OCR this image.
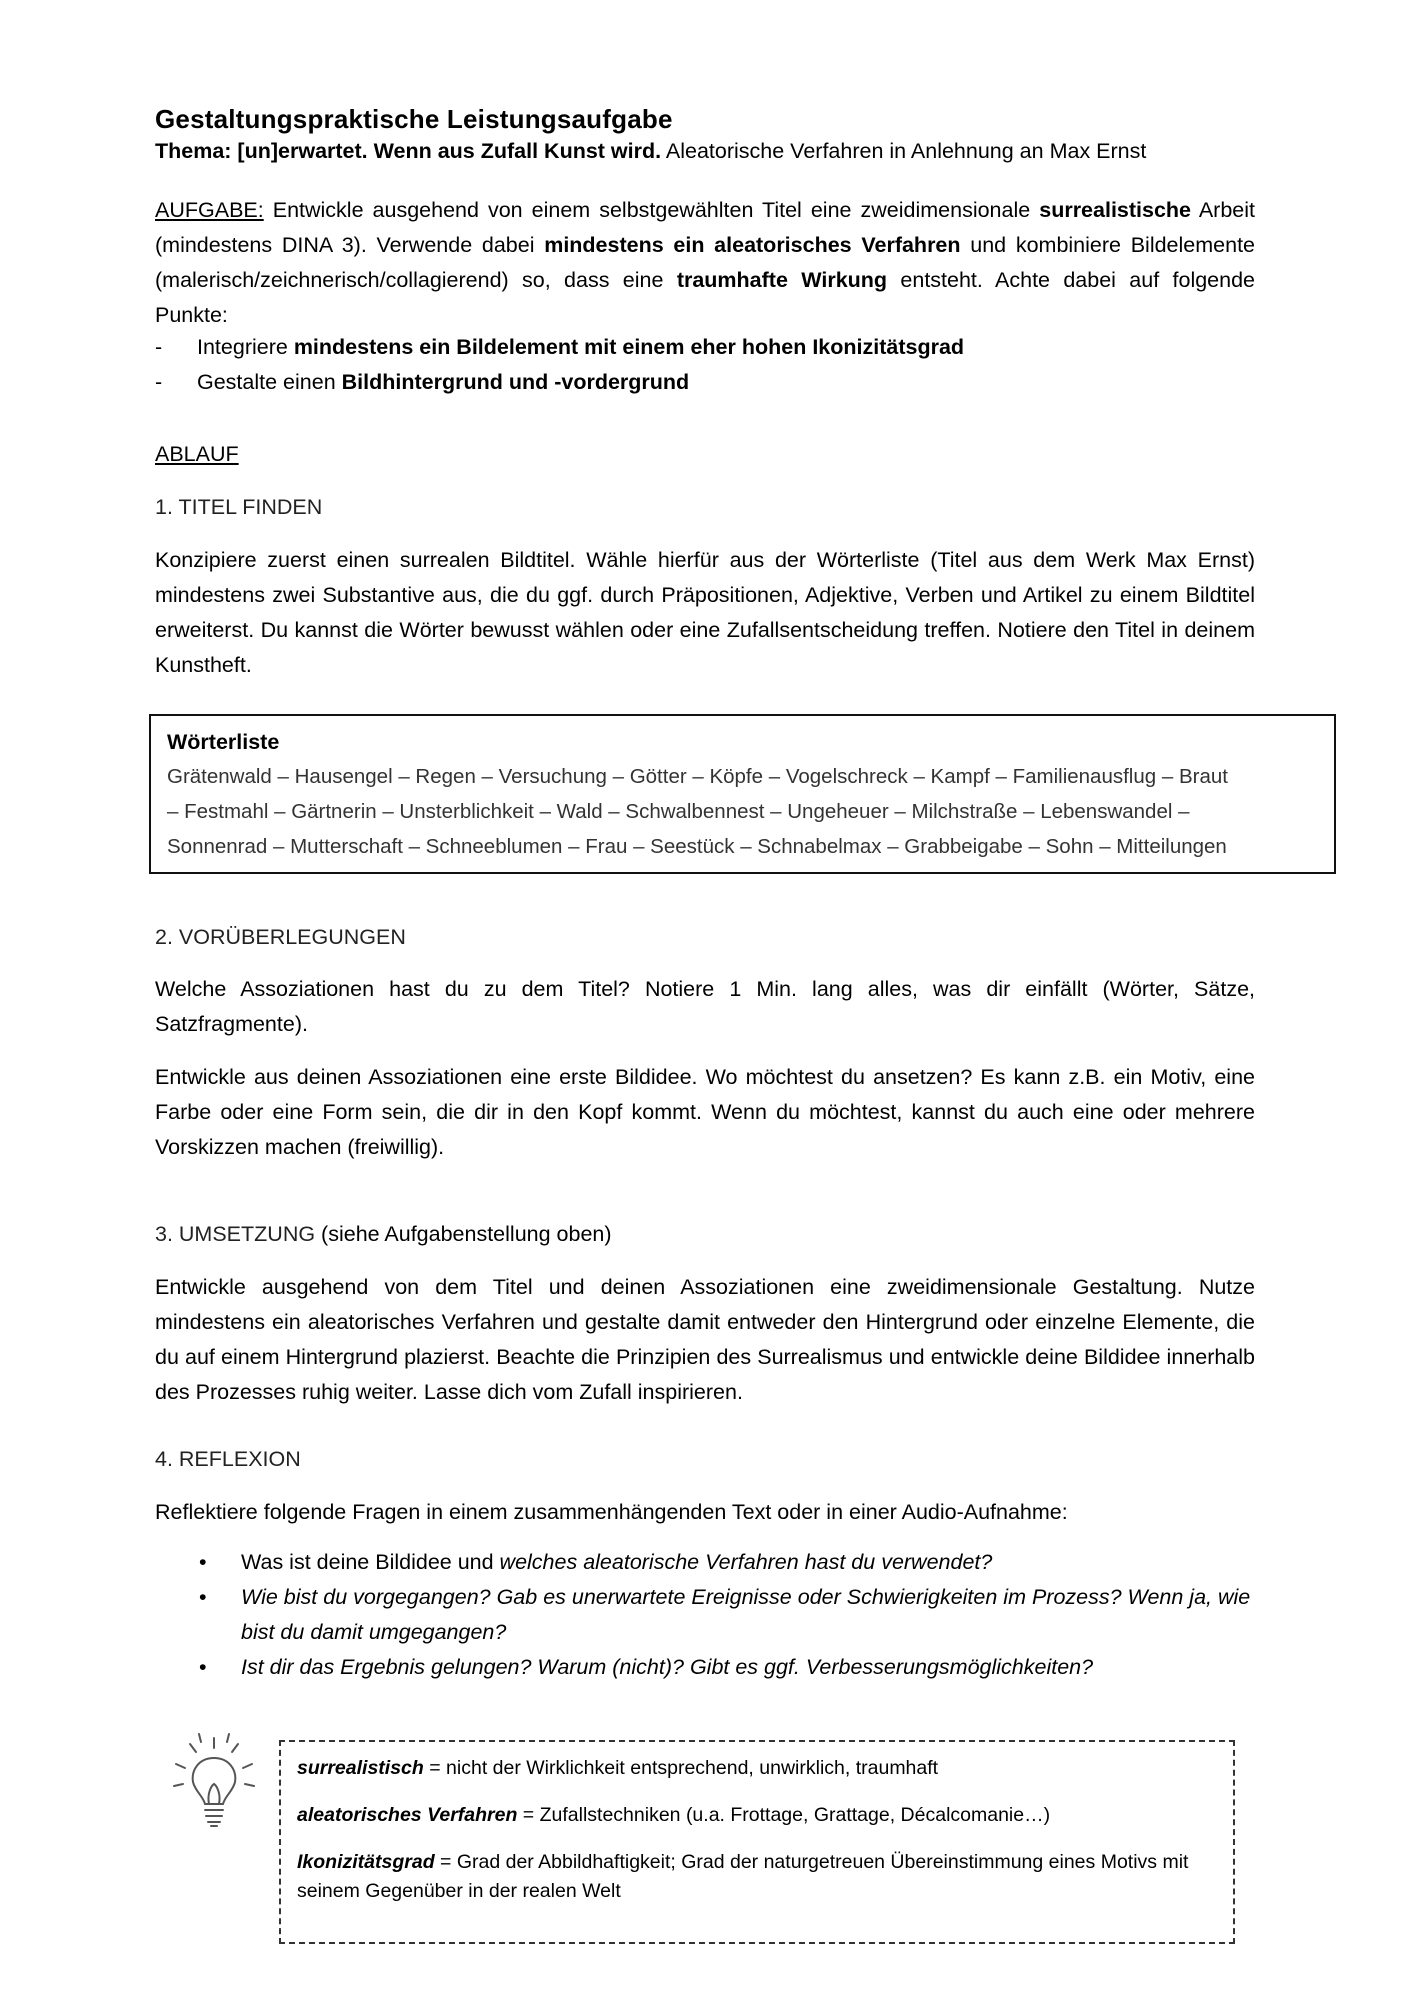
Gestaltungspraktische Leistungsaufgabe
Thema: [un]erwartet. Wenn aus Zufall Kunst wird. Aleatorische Verfahren in Anlehnung an Max Ernst
AUFGABE: Entwickle ausgehend von einem selbstgewählten Titel eine zweidimensionale surrealistische Arbeit (mindestens DINA 3). Verwende dabei mindestens ein aleatorisches Verfahren und kombiniere Bildelemente (malerisch/zeichnerisch/collagierend) so, dass eine traumhafte Wirkung entsteht. Achte dabei auf folgende Punkte:
-	Integriere mindestens ein Bildelement mit einem eher hohen Ikonizitätsgrad
-	Gestalte einen Bildhintergrund und -vordergrund
ABLAUF
1. TITEL FINDEN
Konzipiere zuerst einen surrealen Bildtitel. Wähle hierfür aus der Wörterliste (Titel aus dem Werk Max Ernst) mindestens zwei Substantive aus, die du ggf. durch Präpositionen, Adjektive, Verben und Artikel zu einem Bildtitel erweiterst. Du kannst die Wörter bewusst wählen oder eine Zufallsentscheidung treffen. Notiere den Titel in deinem Kunstheft.
Wörterliste
Grätenwald – Hausengel – Regen – Versuchung – Götter – Köpfe – Vogelschreck – Kampf – Familienausflug – Braut
– Festmahl – Gärtnerin – Unsterblichkeit – Wald – Schwalbennest – Ungeheuer – Milchstraße – Lebenswandel –
Sonnenrad – Mutterschaft – Schneeblumen – Frau – Seestück – Schnabelmax – Grabbeigabe – Sohn – Mitteilungen
2. VORÜBERLEGUNGEN
Welche Assoziationen hast du zu dem Titel? Notiere 1 Min. lang alles, was dir einfällt (Wörter, Sätze, Satzfragmente).
Entwickle aus deinen Assoziationen eine erste Bildidee. Wo möchtest du ansetzen? Es kann z.B. ein Motiv, eine Farbe oder eine Form sein, die dir in den Kopf kommt. Wenn du möchtest, kannst du auch eine oder mehrere Vorskizzen machen (freiwillig).
3. UMSETZUNG (siehe Aufgabenstellung oben)
Entwickle ausgehend von dem Titel und deinen Assoziationen eine zweidimensionale Gestaltung. Nutze mindestens ein aleatorisches Verfahren und gestalte damit entweder den Hintergrund oder einzelne Elemente, die du auf einem Hintergrund plazierst. Beachte die Prinzipien des Surrealismus und entwickle deine Bildidee innerhalb des Prozesses ruhig weiter. Lasse dich vom Zufall inspirieren.
4. REFLEXION
Reflektiere folgende Fragen in einem zusammenhängenden Text oder in einer Audio-Aufnahme:
•	Was ist deine Bildidee und welches aleatorische Verfahren hast du verwendet?
•	Wie bist du vorgegangen? Gab es unerwartete Ereignisse oder Schwierigkeiten im Prozess? Wenn ja, wie bist du damit umgegangen?
•	Ist dir das Ergebnis gelungen? Warum (nicht)? Gibt es ggf. Verbesserungsmöglichkeiten?
surrealistisch = nicht der Wirklichkeit entsprechend, unwirklich, traumhaft
aleatorisches Verfahren = Zufallstechniken (u.a. Frottage, Grattage, Décalcomanie…)
Ikonizitätsgrad = Grad der Abbildhaftigkeit; Grad der naturgetreuen Übereinstimmung eines Motivs mit seinem Gegenüber in der realen Welt
